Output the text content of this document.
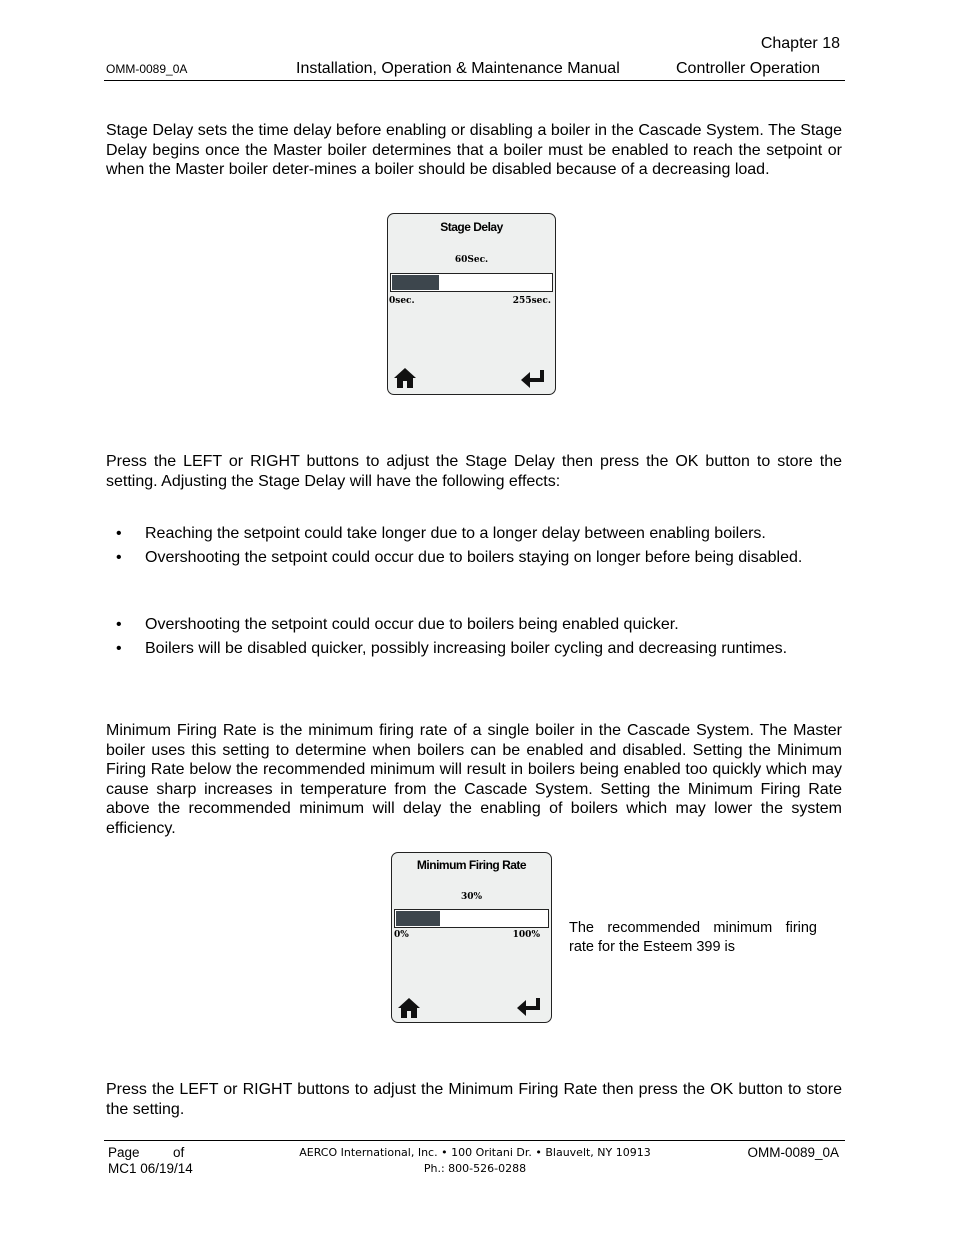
Chapter 18
OMM-0089_0A	Installation, Operation & Maintenance Manual	Controller Operation
Stage Delay sets the time delay before enabling or disabling a boiler in the Cascade System. The Stage Delay begins once the Master boiler determines that a boiler must be enabled to reach the setpoint or when the Master boiler deter-mines a boiler should be disabled because of a decreasing load.
Stage Delay
60Sec.
0sec.	255sec.
Press the LEFT or RIGHT buttons to adjust the Stage Delay then press the OK button to store the setting. Adjusting the Stage Delay will have the following effects:
• Reaching the setpoint could take longer due to a longer delay between enabling boilers.
• Overshooting the setpoint could occur due to boilers staying on longer before being disabled.
• Overshooting the setpoint could occur due to boilers being enabled quicker.
• Boilers will be disabled quicker, possibly increasing boiler cycling and decreasing runtimes.
Minimum Firing Rate is the minimum firing rate of a single boiler in the Cascade System. The Master boiler uses this setting to determine when boilers can be enabled and disabled. Setting the Minimum Firing Rate below the recommended minimum will result in boilers being enabled too quickly which may cause sharp increases in temperature from the Cascade System. Setting the Minimum Firing Rate above the recommended minimum will delay the enabling of boilers which may lower the system efficiency.
Minimum Firing Rate
30%
0%	100% The recommended minimum firing rate for the Esteem 399 is
Press the LEFT or RIGHT buttons to adjust the Minimum Firing Rate then press the OK button to store the setting.
Page of
MC1 06/19/14
AERCO International, Inc. • 100 Oritani Dr. • Blauvelt, NY 10913
Ph.: 800-526-0288
OMM-0089_0A
